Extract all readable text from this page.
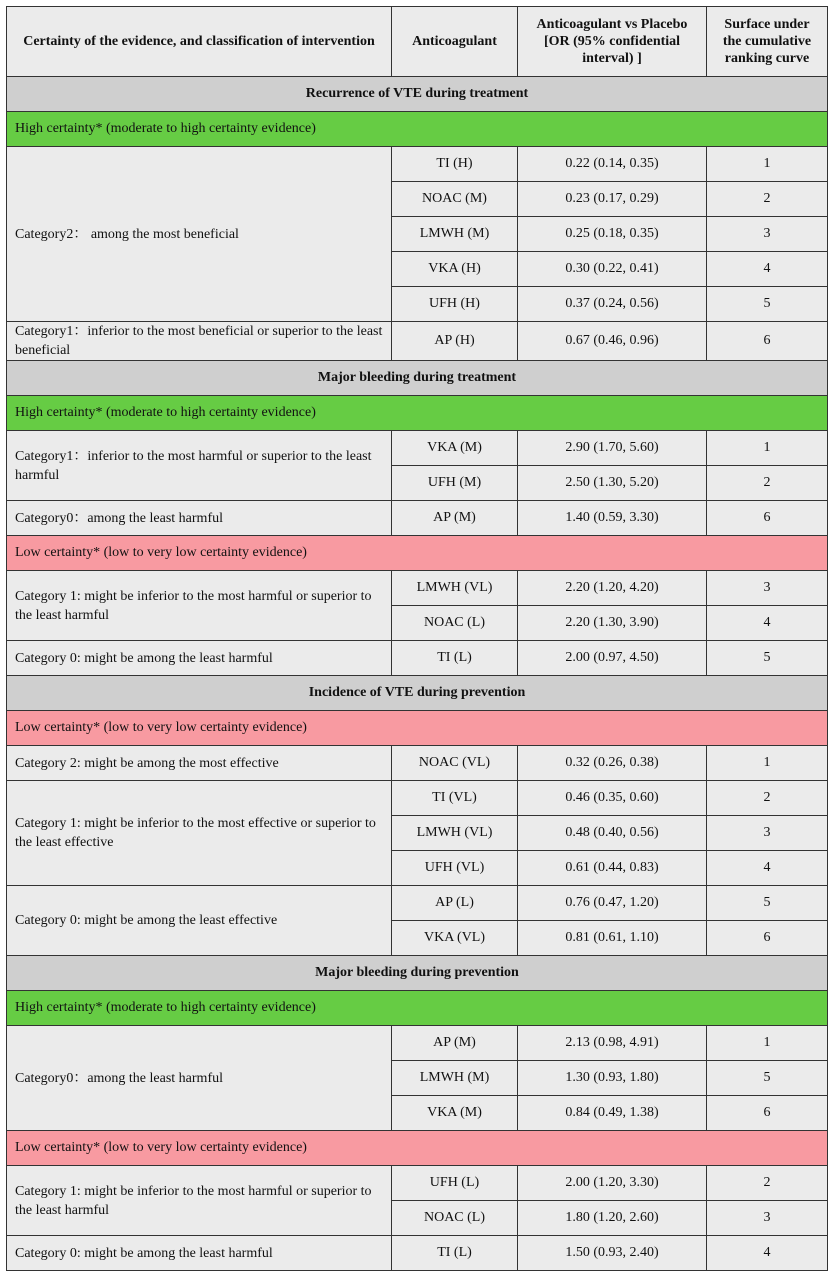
Certainty of the evidence, and classification of intervention	Anticoagulant	Anticoagulant vs Placebo [OR (95% confidential interval) ]	Surface under the cumulative ranking curve
Recurrence of VTE during treatment			
High certainty* (moderate to high certainty evidence)			
Category2： among the most beneficial	TI (H)	0.22 (0.14, 0.35)	1
	NOAC (M)	0.23 (0.17, 0.29)	2
	LMWH (M)	0.25 (0.18, 0.35)	3
	VKA (H)	0.30 (0.22, 0.41)	4
	UFH (H)	0.37 (0.24, 0.56)	5
Category1：inferior to the most beneficial or superior to the least beneficial	AP (H)	0.67 (0.46, 0.96)	6
Major bleeding during treatment			
High certainty* (moderate to high certainty evidence)			
Category1：inferior to the most harmful or superior to the least harmful	VKA (M)	2.90 (1.70, 5.60)	1
	UFH (M)	2.50 (1.30, 5.20)	2
Category0：among the least harmful	AP (M)	1.40 (0.59, 3.30)	6
Low certainty* (low to very low certainty evidence)			
Category 1: might be inferior to the most harmful or superior to the least harmful	LMWH (VL)	2.20 (1.20, 4.20)	3
	NOAC (L)	2.20 (1.30, 3.90)	4
Category 0: might be among the least harmful	TI (L)	2.00 (0.97, 4.50)	5
Incidence of VTE during prevention			
Low certainty* (low to very low certainty evidence)			
Category 2: might be among the most effective	NOAC (VL)	0.32 (0.26, 0.38)	1
Category 1: might be inferior to the most effective or superior to the least effective	TI (VL)	0.46 (0.35, 0.60)	2
	LMWH (VL)	0.48 (0.40, 0.56)	3
	UFH (VL)	0.61 (0.44, 0.83)	4
Category 0: might be among the least effective	AP (L)	0.76 (0.47, 1.20)	5
	VKA (VL)	0.81 (0.61, 1.10)	6
Major bleeding during prevention			
High certainty* (moderate to high certainty evidence)			
Category0：among the least harmful	AP (M)	2.13 (0.98, 4.91)	1
	LMWH (M)	1.30 (0.93, 1.80)	5
	VKA (M)	0.84 (0.49, 1.38)	6
Low certainty* (low to very low certainty evidence)			
Category 1: might be inferior to the most harmful or superior to the least harmful	UFH (L)	2.00 (1.20, 3.30)	2
	NOAC (L)	1.80 (1.20, 2.60)	3
Category 0: might be among the least harmful	TI (L)	1.50 (0.93, 2.40)	4
